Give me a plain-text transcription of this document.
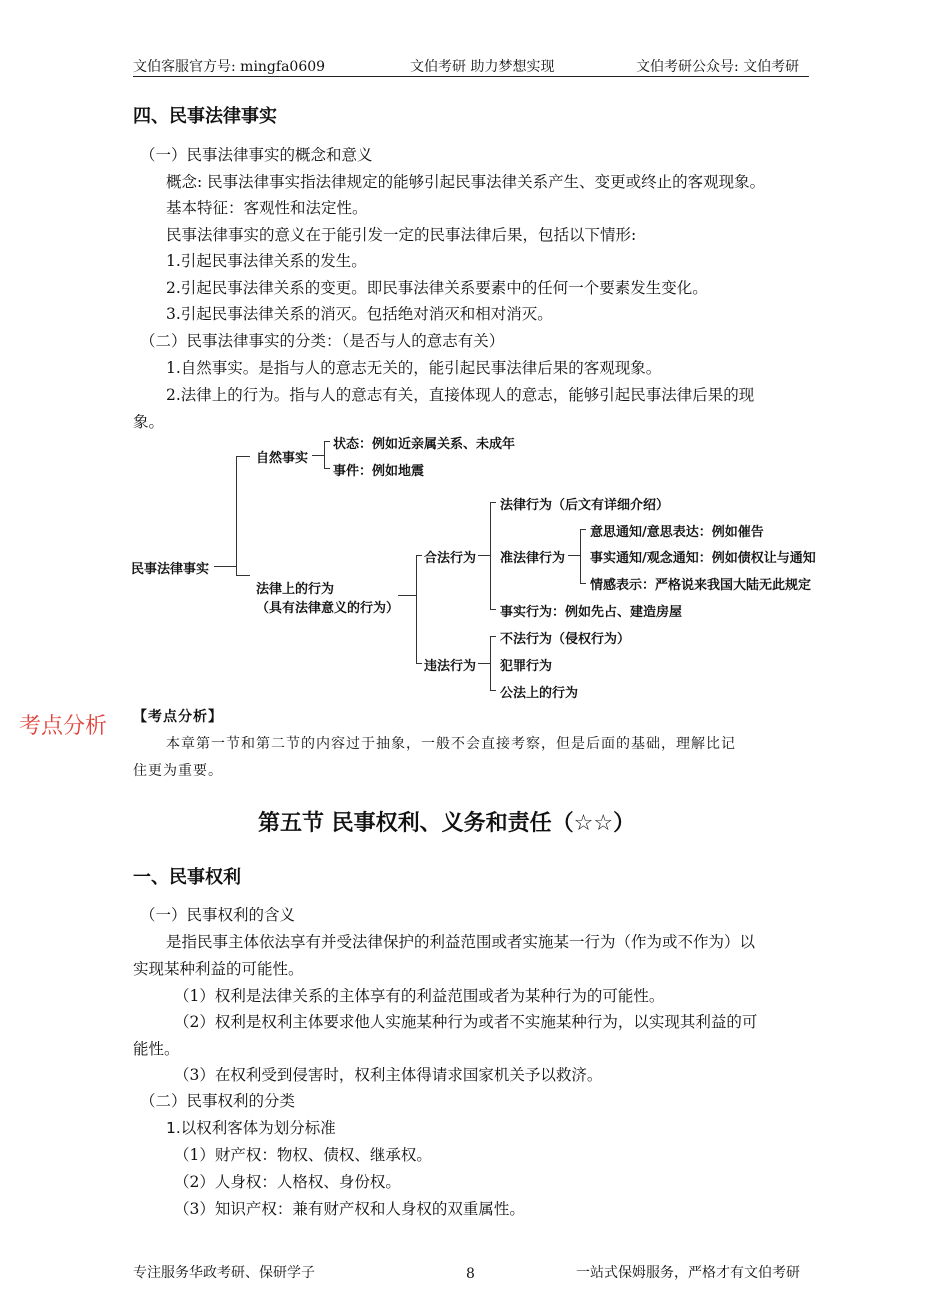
文伯客服官方号: mingfa0609	文伯考研 助力梦想实现	文伯考研公众号: 文伯考研
四、民事法律事实
（一）民事法律事实的概念和意义
概念: 民事法律事实指法律规定的能够引起民事法律关系产生、变更或终止的客观现象。
基本特征：客观性和法定性。
民事法律事实的意义在于能引发一定的民事法律后果，包括以下情形:
1.引起民事法律关系的发生。
2.引起民事法律关系的变更。即民事法律关系要素中的任何一个要素发生变化。
3.引起民事法律关系的消灭。包括绝对消灭和相对消灭。
（二）民事法律事实的分类：（是否与人的意志有关）
1.自然事实。是指与人的意志无关的，能引起民事法律后果的客观现象。
2.法律上的行为。指与人的意志有关，直接体现人的意志，能够引起民事法律后果的现
象。
民事法律事实
自然事实
状态：例如近亲属关系、未成年
事件：例如地震
法律上的行为
（具有法律意义的行为）
合法行为
法律行为（后文有详细介绍）
准法律行为
事实行为：例如先占、建造房屋
意思通知/意思表达：例如催告
事实通知/观念通知：例如债权让与通知
情感表示：严格说来我国大陆无此规定
违法行为
不法行为（侵权行为）
犯罪行为
公法上的行为
考点分析 【考点分析】
本章第一节和第二节的内容过于抽象，一般不会直接考察，但是后面的基础，理解比记
住更为重要。
第五节 民事权利、义务和责任（☆☆）
一、民事权利
（一）民事权利的含义
是指民事主体依法享有并受法律保护的利益范围或者实施某一行为（作为或不作为）以
实现某种利益的可能性。
（1）权利是法律关系的主体享有的利益范围或者为某种行为的可能性。
（2）权利是权利主体要求他人实施某种行为或者不实施某种行为，以实现其利益的可
能性。
（3）在权利受到侵害时，权利主体得请求国家机关予以救济。
（二）民事权利的分类
1.以权利客体为划分标准
（1）财产权：物权、债权、继承权。
（2）人身权：人格权、身份权。
（3）知识产权：兼有财产权和人身权的双重属性。
专注服务华政考研、保研学子	8	一站式保姆服务，严格才有文伯考研
